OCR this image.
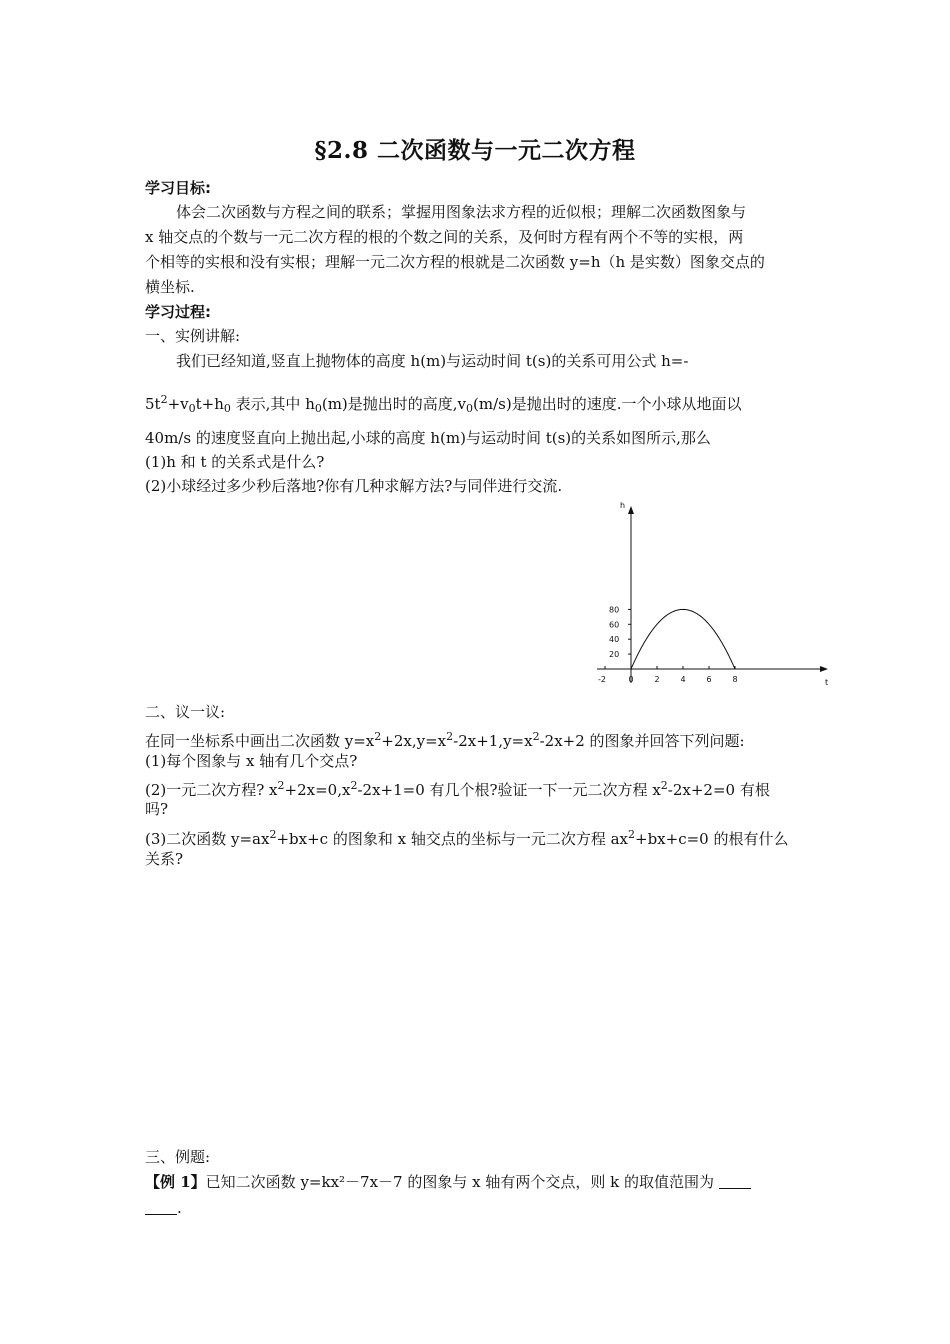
§2.8 二次函数与一元二次方程
学习目标:
体会二次函数与方程之间的联系；掌握用图象法求方程的近似根；理解二次函数图象与
x 轴交点的个数与一元二次方程的根的个数之间的关系，及何时方程有两个不等的实根，两
个相等的实根和没有实根；理解一元二次方程的根就是二次函数 y=h（h 是实数）图象交点的
横坐标.
学习过程:
一、实例讲解:
我们已经知道,竖直上抛物体的高度 h(m)与运动时间 t(s)的关系可用公式 h=-
$5t^2+v_0t+h_0$ 表示,其中 $h_0(m)$是抛出时的高度$,v_0(m/s)$是抛出时的速度.一个小球从地面以
40m/s 的速度竖直向上抛出起,小球的高度 h(m)与运动时间 t(s)的关系如图所示,那么
(1)h 和 t 的关系式是什么?
(2)小球经过多少秒后落地?你有几种求解方法?与同伴进行交流.
t
h
-2	0	2	4	6	8
20
40
60
80
二、议一议:
在同一坐标系中画出二次函数 $y=x^2+2x,y=x^2-2x+1,y=x^2-2x+2$ 的图象并回答下列问题:
(1)每个图象与 x 轴有几个交点?
(2)一元二次方程? $x^2+2x=0,x^2-2x+1=0$ 有几个根?验证一下一元二次方程 $x^2-2x+2=0$ 有根
吗?
(3)二次函数 $y=ax^2+bx+c$ 的图象和 x 轴交点的坐标与一元二次方程 $ax^2+bx+c=0$ 的根有什么
关系?
三、例题:
【例 1】已知二次函数 y=kx²－7x－7 的图象与 x 轴有两个交点，则 k 的取值范围为
.
